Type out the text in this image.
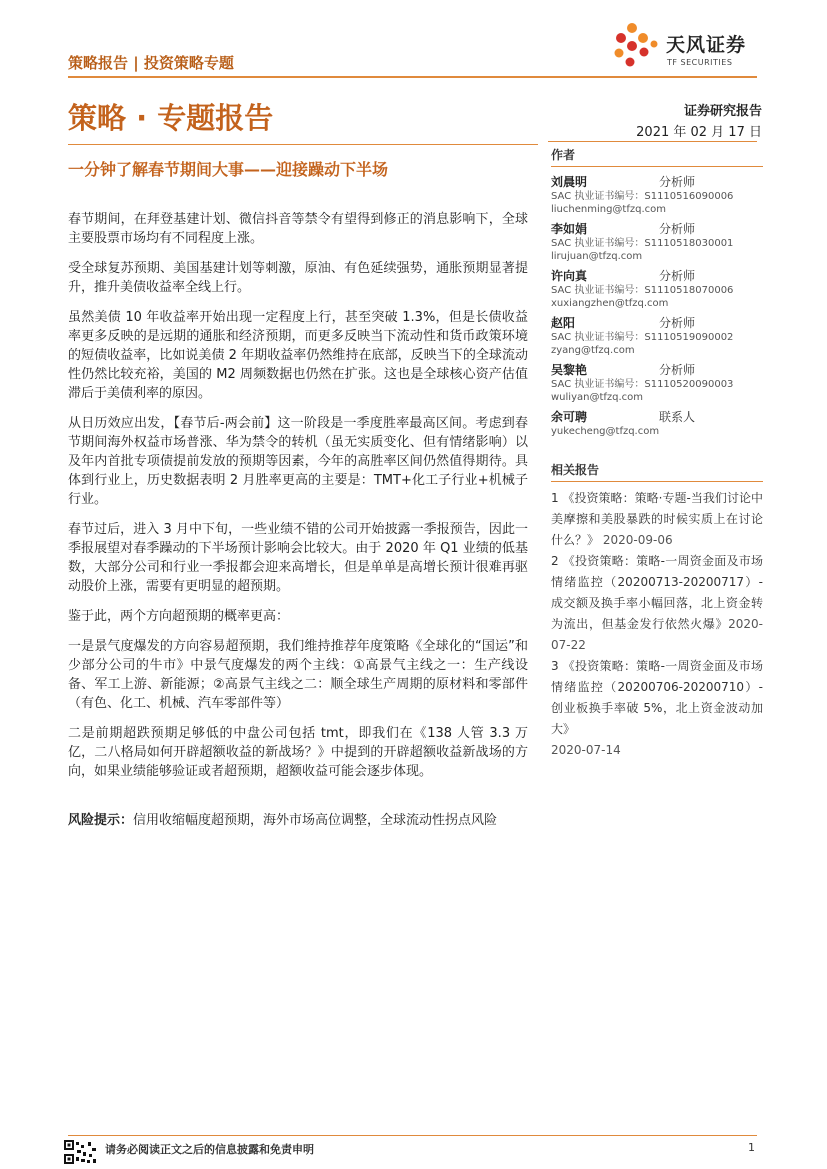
策略报告 | 投资策略专题
天风证券
TF SECURITIES
策略 · 专题报告	证券研究报告
2021 年 02 月 17 日
一分钟了解春节期间大事——迎接躁动下半场

春节期间，在拜登基建计划、微信抖音等禁令有望得到修正的消息影响下，全球主要股票市场均有不同程度上涨。

受全球复苏预期、美国基建计划等刺激，原油、有色延续强势，通胀预期显著提升，推升美债收益率全线上行。

虽然美债 10 年收益率开始出现一定程度上行，甚至突破 1.3%，但是长债收益率更多反映的是远期的通胀和经济预期，而更多反映当下流动性和货币政策环境的短债收益率，比如说美债 2 年期收益率仍然维持在底部，反映当下的全球流动性仍然比较充裕，美国的 M2 周频数据也仍然在扩张。这也是全球核心资产估值滞后于美债利率的原因。

从日历效应出发，【春节后-两会前】这一阶段是一季度胜率最高区间。考虑到春节期间海外权益市场普涨、华为禁令的转机（虽无实质变化、但有情绪影响）以及年内首批专项债提前发放的预期等因素，今年的高胜率区间仍然值得期待。具体到行业上，历史数据表明 2 月胜率更高的主要是：TMT+化工子行业+机械子行业。

春节过后，进入 3 月中下旬，一些业绩不错的公司开始披露一季报预告，因此一季报展望对春季躁动的下半场预计影响会比较大。由于 2020 年 Q1 业绩的低基数，大部分公司和行业一季报都会迎来高增长，但是单单是高增长预计很难再驱动股价上涨，需要有更明显的超预期。

鉴于此，两个方向超预期的概率更高：

一是景气度爆发的方向容易超预期，我们维持推荐年度策略《全球化的“国运”和少部分公司的牛市》中景气度爆发的两个主线：①高景气主线之一：生产线设备、军工上游、新能源；②高景气主线之二：顺全球生产周期的原材料和零部件（有色、化工、机械、汽车零部件等）

二是前期超跌预期足够低的中盘公司包括 tmt，即我们在《138 人管 3.3 万亿，二八格局如何开辟超额收益的新战场？》中提到的开辟超额收益新战场的方向，如果业绩能够验证或者超预期，超额收益可能会逐步体现。

风险提示：信用收缩幅度超预期，海外市场高位调整，全球流动性拐点风险

作者
刘晨明	分析师
SAC 执业证书编号：S1110516090006
liuchenming@tfzq.com
李如娟	分析师
SAC 执业证书编号：S1110518030001
lirujuan@tfzq.com
许向真	分析师
SAC 执业证书编号：S1110518070006
xuxiangzhen@tfzq.com
赵阳	分析师
SAC 执业证书编号：S1110519090002
zyang@tfzq.com
吴黎艳	分析师
SAC 执业证书编号：S1110520090003
wuliyan@tfzq.com
余可聘	联系人
yukecheng@tfzq.com
相关报告
1 《投资策略：策略·专题-当我们讨论中美摩擦和美股暴跌的时候实质上在讨论什么？》 2020-09-06
2 《投资策略：策略-一周资金面及市场情绪监控（20200713-20200717）-成交额及换手率小幅回落，北上资金转为流出，但基金发行依然火爆》2020-07-22
3 《投资策略：策略-一周资金面及市场情绪监控（20200706-20200710）-创业板换手率破 5%，北上资金波动加大》
2020-07-14
请务必阅读正文之后的信息披露和免责申明	1
